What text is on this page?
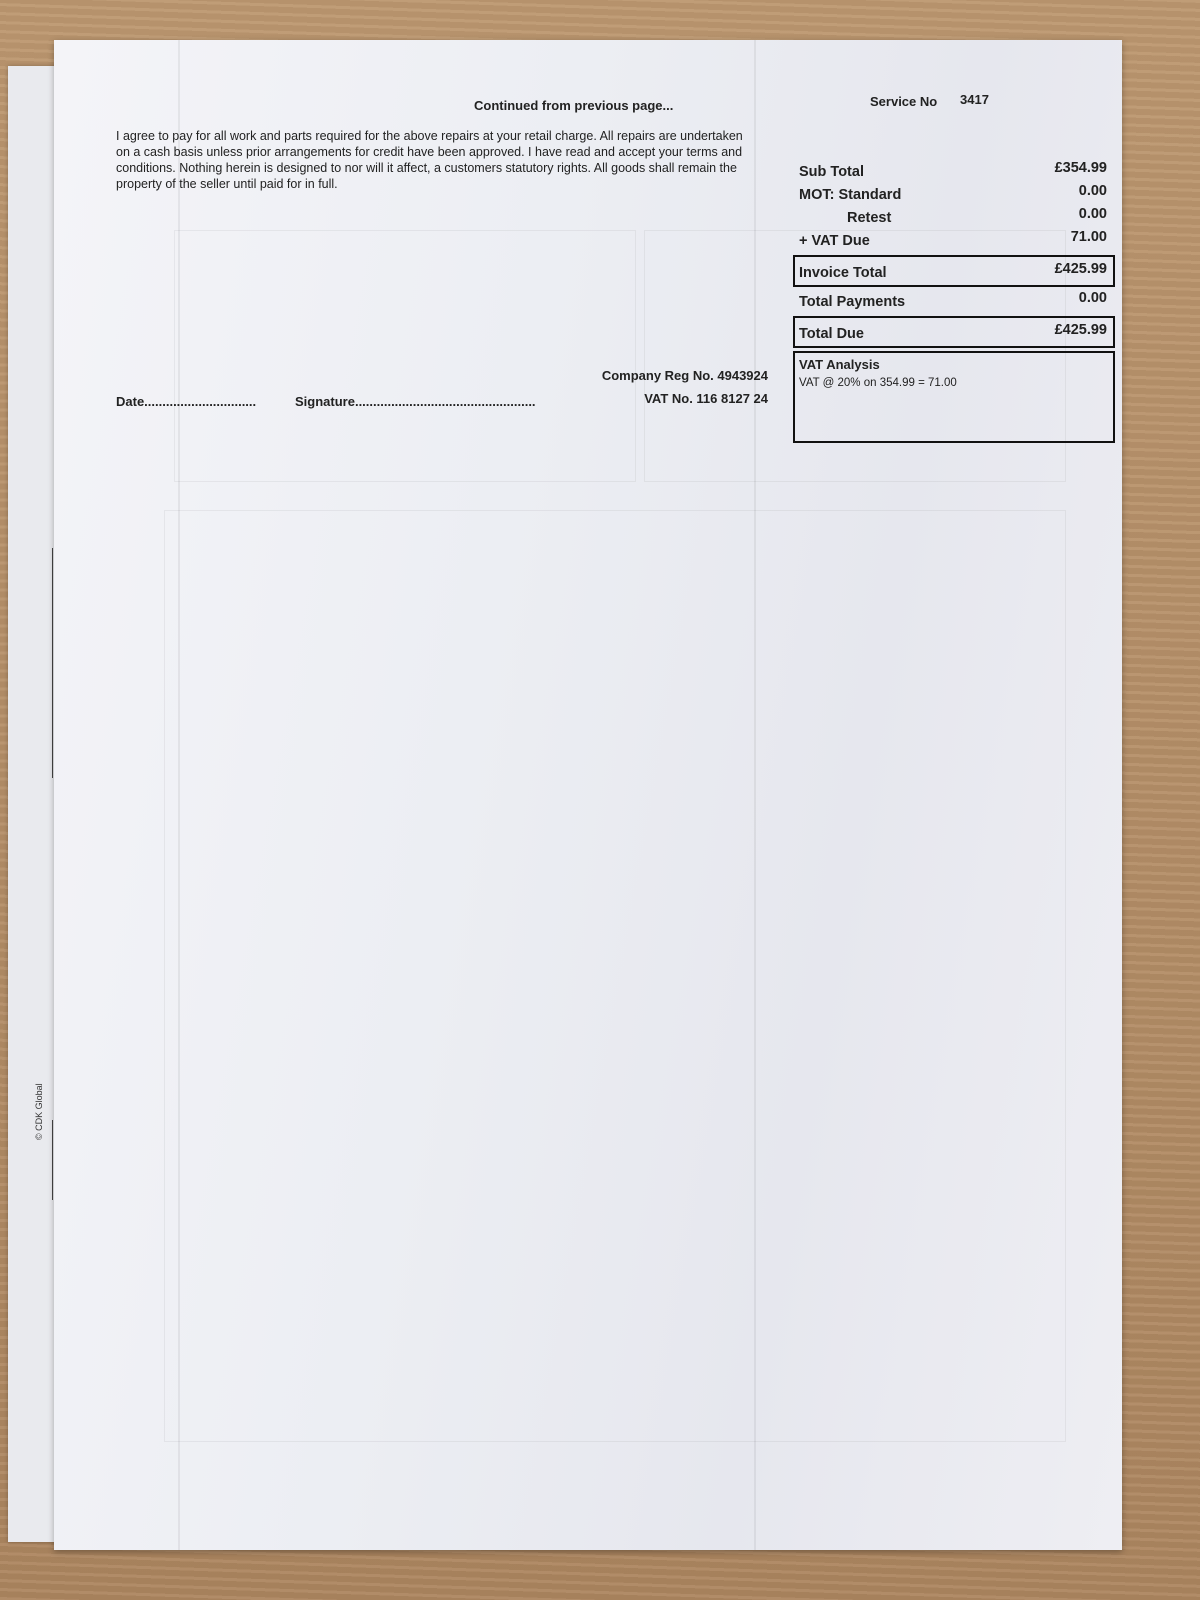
© CDK Global
Continued from previous page...	Service No 3417
I agree to pay for all work and parts required for the above repairs at your retail charge. All repairs are undertaken on a cash basis unless prior arrangements for credit have been approved. I have read and accept your terms and conditions. Nothing herein is designed to nor will it affect, a customers statutory rights. All goods shall remain the property of the seller until paid for in full.
Sub Total	£354.99
MOT: Standard	0.00
Retest	0.00
+ VAT Due	71.00
Invoice Total	£425.99
Total Payments	0.00
Total Due	£425.99
VAT Analysis
VAT @ 20% on 354.99 = 71.00
Company Reg No. 4943924
VAT No. 116 8127 24
Date...............................	Signature..................................................
